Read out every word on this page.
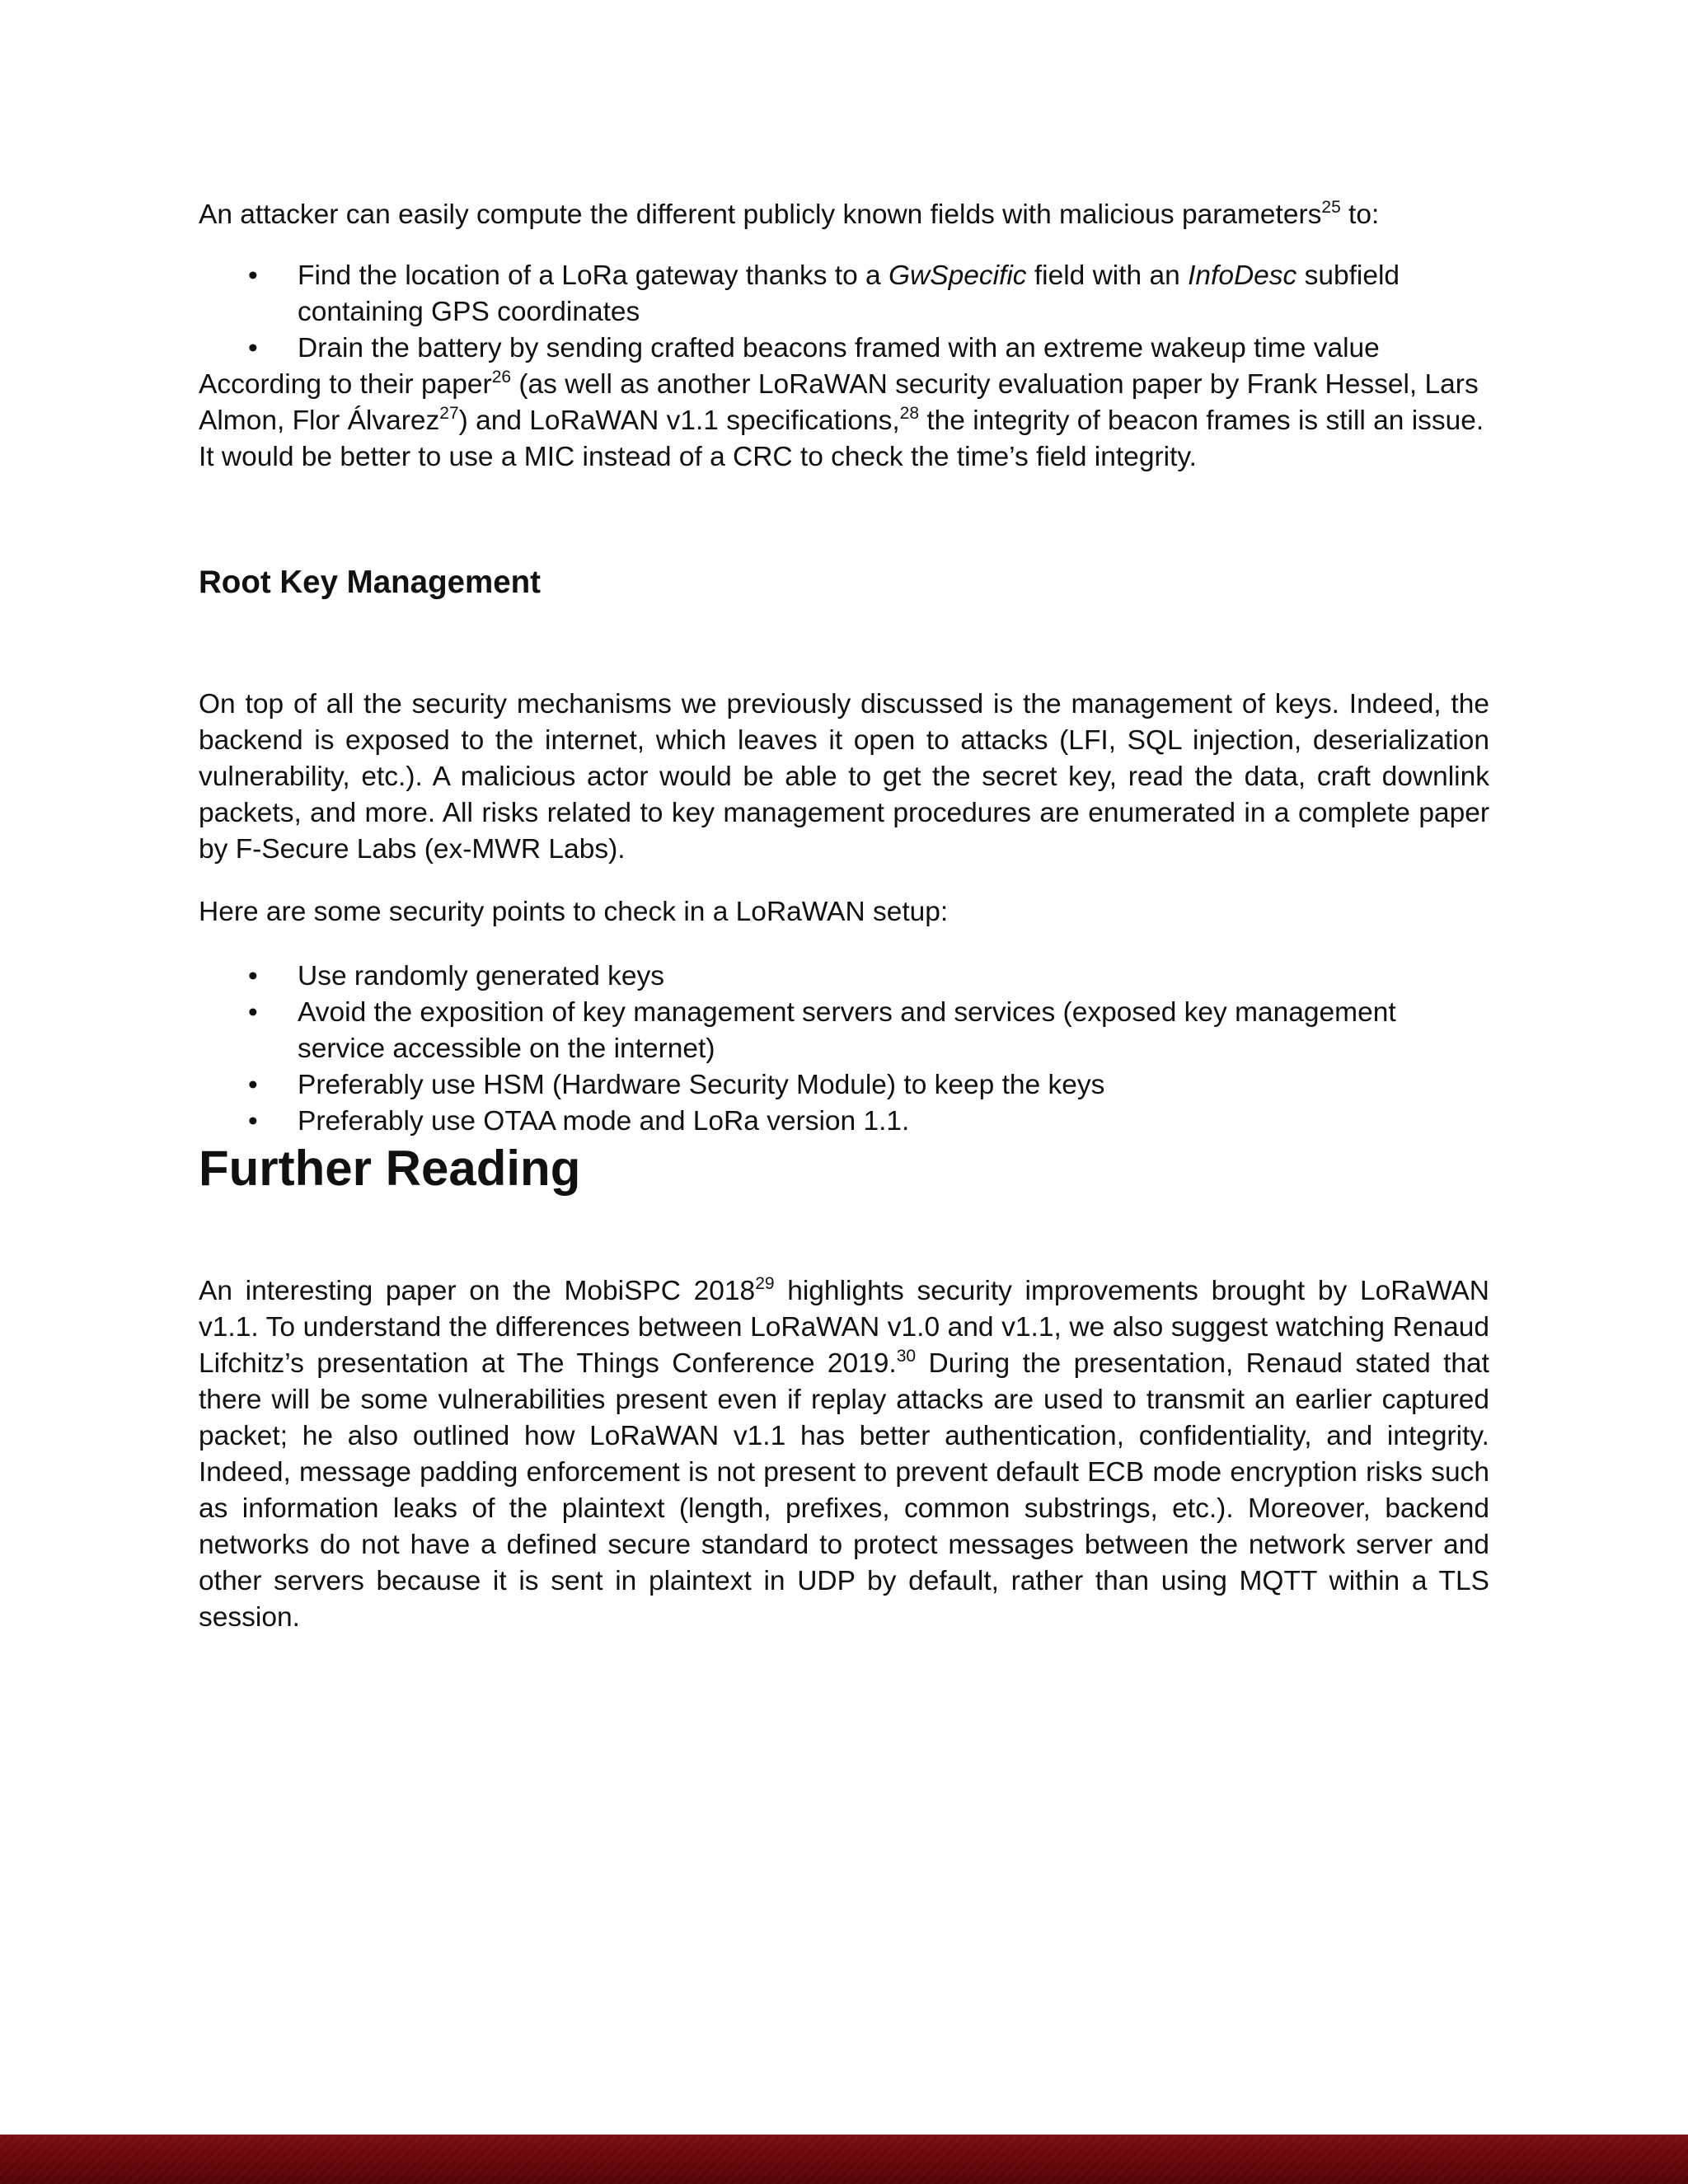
An attacker can easily compute the different publicly known fields with malicious parameters$^{25}$ to:

• Find the location of a LoRa gateway thanks to a GwSpecific field with an InfoDesc subfield containing GPS coordinates
• Drain the battery by sending crafted beacons framed with an extreme wakeup time value

According to their paper$^{26}$ (as well as another LoRaWAN security evaluation paper by Frank Hessel, Lars Almon, Flor Álvarez$^{27}$) and LoRaWAN v1.1 specifications,$^{28}$ the integrity of beacon frames is still an issue. It would be better to use a MIC instead of a CRC to check the time’s field integrity.

Root Key Management

On top of all the security mechanisms we previously discussed is the management of keys. Indeed, the backend is exposed to the internet, which leaves it open to attacks (LFI, SQL injection, deserialization vulnerability, etc.). A malicious actor would be able to get the secret key, read the data, craft downlink packets, and more. All risks related to key management procedures are enumerated in a complete paper by F-Secure Labs (ex-MWR Labs).

Here are some security points to check in a LoRaWAN setup:

• Use randomly generated keys
• Avoid the exposition of key management servers and services (exposed key management service accessible on the internet)
• Preferably use HSM (Hardware Security Module) to keep the keys
• Preferably use OTAA mode and LoRa version 1.1.
Further Reading

An interesting paper on the MobiSPC 2018$^{29}$ highlights security improvements brought by LoRaWAN v1.1. To understand the differences between LoRaWAN v1.0 and v1.1, we also suggest watching Renaud Lifchitz’s presentation at The Things Conference 2019.30 During the presentation, Renaud stated that there will be some vulnerabilities present even if replay attacks are used to transmit an earlier captured packet; he also outlined how LoRaWAN v1.1 has better authentication, confidentiality, and integrity. Indeed, message padding enforcement is not present to prevent default ECB mode encryption risks such as information leaks of the plaintext (length, prefixes, common substrings, etc.). Moreover, backend networks do not have a defined secure standard to protect messages between the network server and other servers because it is sent in plaintext in UDP by default, rather than using MQTT within a TLS session.
